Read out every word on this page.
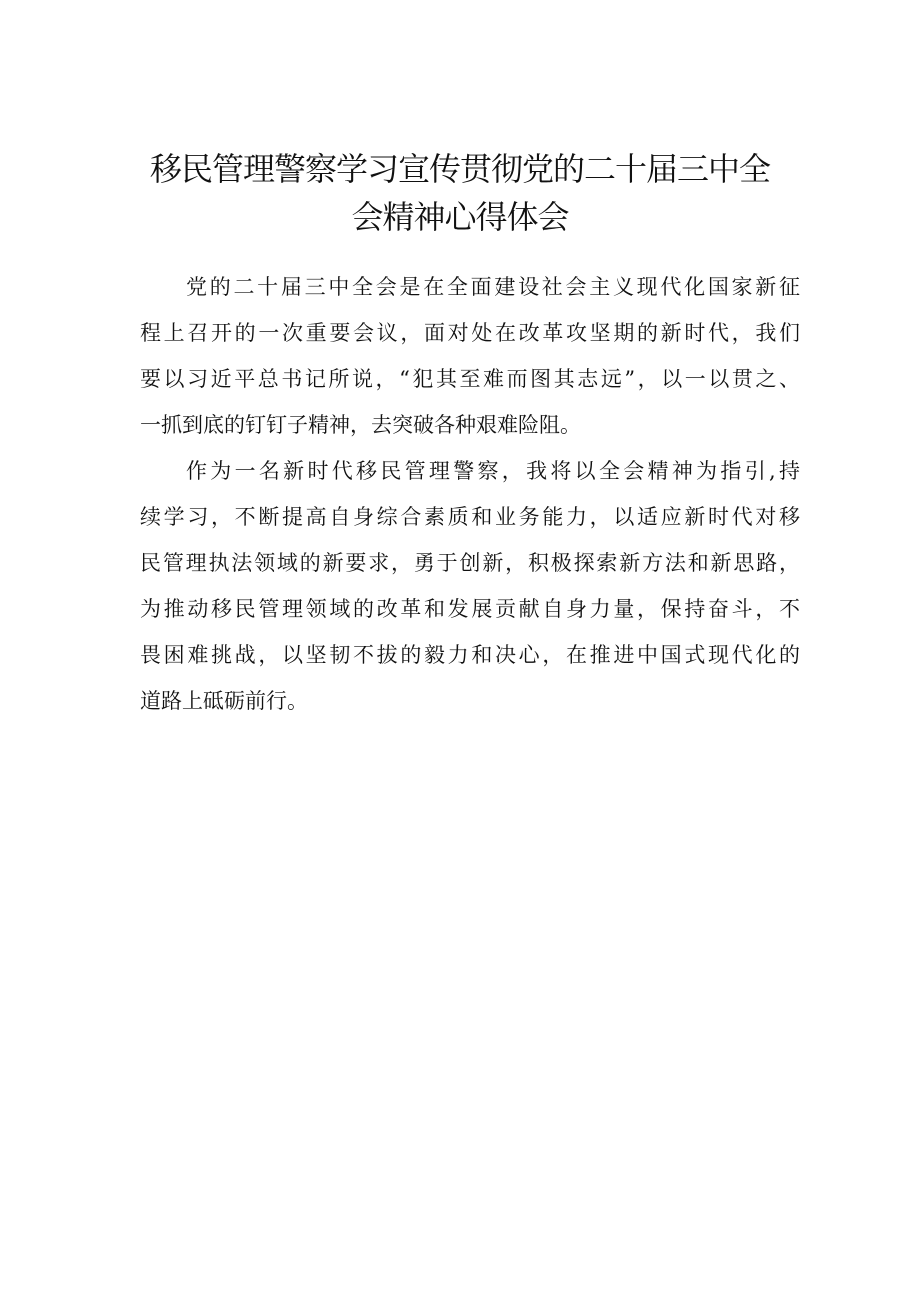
移民管理警察学习宣传贯彻党的二十届三中全
会精神心得体会

党的二十届三中全会是在全面建设社会主义现代化国家新征
程上召开的一次重要会议，面对处在改革攻坚期的新时代，我们
要以习近平总书记所说，“犯其至难而图其志远”，以一以贯之、
一抓到底的钉钉子精神，去突破各种艰难险阻。

作为一名新时代移民管理警察，我将以全会精神为指引,持
续学习，不断提高自身综合素质和业务能力，以适应新时代对移
民管理执法领域的新要求，勇于创新，积极探索新方法和新思路，
为推动移民管理领域的改革和发展贡献自身力量，保持奋斗，不
畏困难挑战，以坚韧不拔的毅力和决心，在推进中国式现代化的
道路上砥砺前行。
